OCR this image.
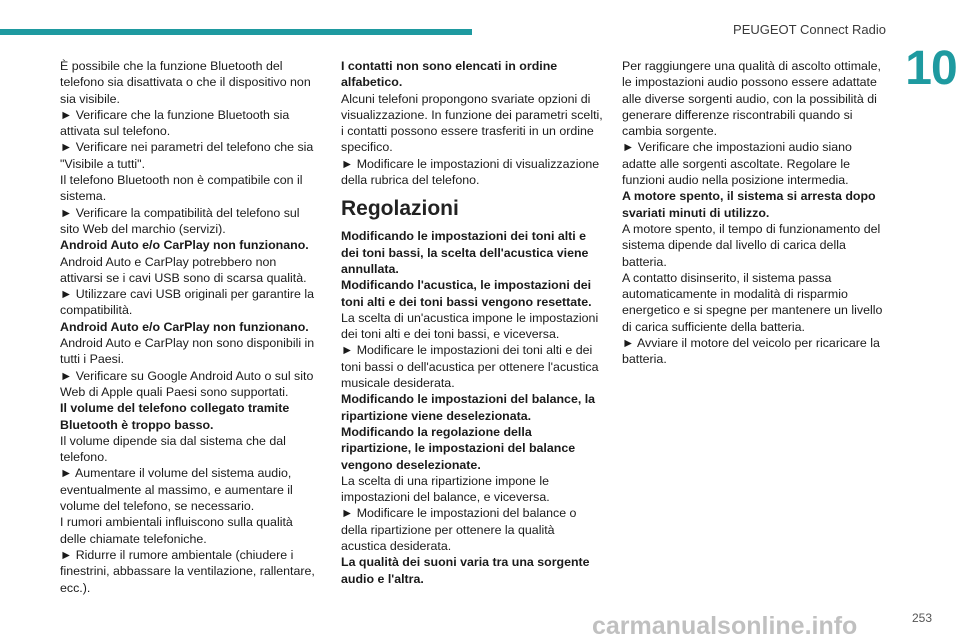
PEUGEOT Connect Radio
10

È possibile che la funzione Bluetooth del telefono sia disattivata o che il dispositivo non sia visibile.

► Verificare che la funzione Bluetooth sia attivata sul telefono.

► Verificare nei parametri del telefono che sia "Visibile a tutti".

Il telefono Bluetooth non è compatibile con il sistema.

► Verificare la compatibilità del telefono sul sito Web del marchio (servizi).

Android Auto e/o CarPlay non funzionano.

Android Auto e CarPlay potrebbero non attivarsi se i cavi USB sono di scarsa qualità.

► Utilizzare cavi USB originali per garantire la compatibilità.

Android Auto e/o CarPlay non funzionano.

Android Auto e CarPlay non sono disponibili in tutti i Paesi.

► Verificare su Google Android Auto o sul sito Web di Apple quali Paesi sono supportati.

Il volume del telefono collegato tramite Bluetooth è troppo basso.

Il volume dipende sia dal sistema che dal telefono.

► Aumentare il volume del sistema audio, eventualmente al massimo, e aumentare il volume del telefono, se necessario.

I rumori ambientali influiscono sulla qualità delle chiamate telefoniche.

► Ridurre il rumore ambientale (chiudere i finestrini, abbassare la ventilazione, rallentare, ecc.).

I contatti non sono elencati in ordine alfabetico.

Alcuni telefoni propongono svariate opzioni di visualizzazione. In funzione dei parametri scelti, i contatti possono essere trasferiti in un ordine specifico.

► Modificare le impostazioni di visualizzazione della rubrica del telefono.

Regolazioni

Modificando le impostazioni dei toni alti e dei toni bassi, la scelta dell'acustica viene annullata.

Modificando l'acustica, le impostazioni dei toni alti e dei toni bassi vengono resettate.

La scelta di un'acustica impone le impostazioni dei toni alti e dei toni bassi, e viceversa.

► Modificare le impostazioni dei toni alti e dei toni bassi o dell'acustica per ottenere l'acustica musicale desiderata.

Modificando le impostazioni del balance, la ripartizione viene deselezionata.

Modificando la regolazione della ripartizione, le impostazioni del balance vengono deselezionate.

La scelta di una ripartizione impone le impostazioni del balance, e viceversa.

► Modificare le impostazioni del balance o della ripartizione per ottenere la qualità acustica desiderata.

La qualità dei suoni varia tra una sorgente audio e l'altra.

Per raggiungere una qualità di ascolto ottimale, le impostazioni audio possono essere adattate alle diverse sorgenti audio, con la possibilità di generare differenze riscontrabili quando si cambia sorgente.

► Verificare che impostazioni audio siano adatte alle sorgenti ascoltate. Regolare le funzioni audio nella posizione intermedia.

A motore spento, il sistema si arresta dopo svariati minuti di utilizzo.

A motore spento, il tempo di funzionamento del sistema dipende dal livello di carica della batteria.

A contatto disinserito, il sistema passa automaticamente in modalità di risparmio energetico e si spegne per mantenere un livello di carica sufficiente della batteria.

► Avviare il motore del veicolo per ricaricare la batteria.

253
carmanualsonline.info
